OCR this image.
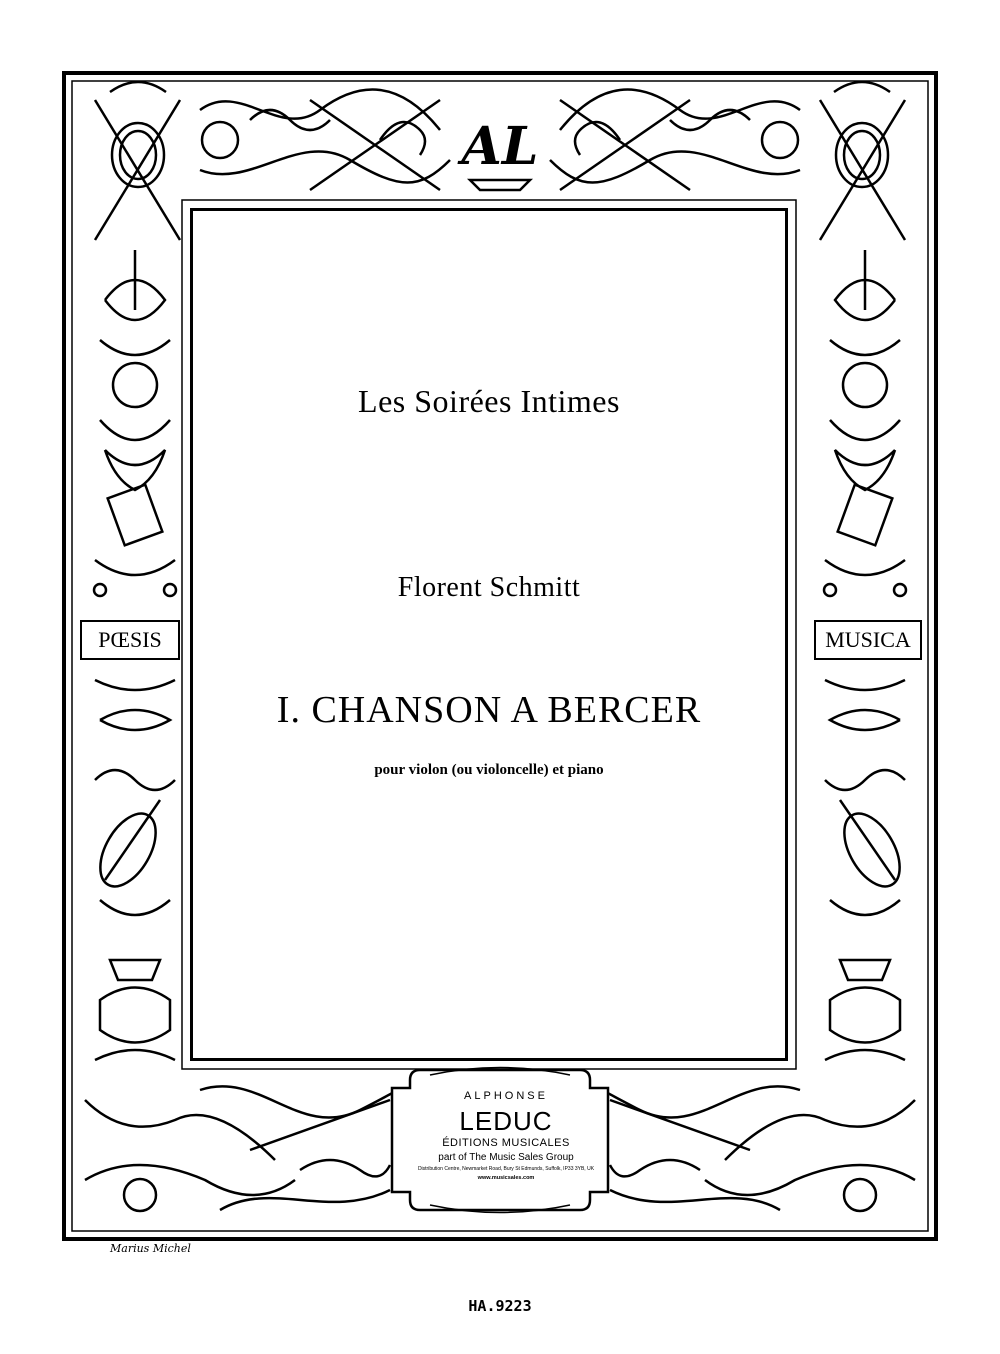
AL
PŒSIS	MUSICA
Les Soirées Intimes
Florent Schmitt
I. CHANSON A BERCER
pour violon (ou violoncelle) et piano
ALPHONSE
LEDUC
ÉDITIONS MUSICALES
part of The Music Sales Group
Distribution Centre, Newmarket Road, Bury St Edmunds, Suffolk, IP33 3YB, UK
www.musicsales.com
Marius Michel
HA.9223
